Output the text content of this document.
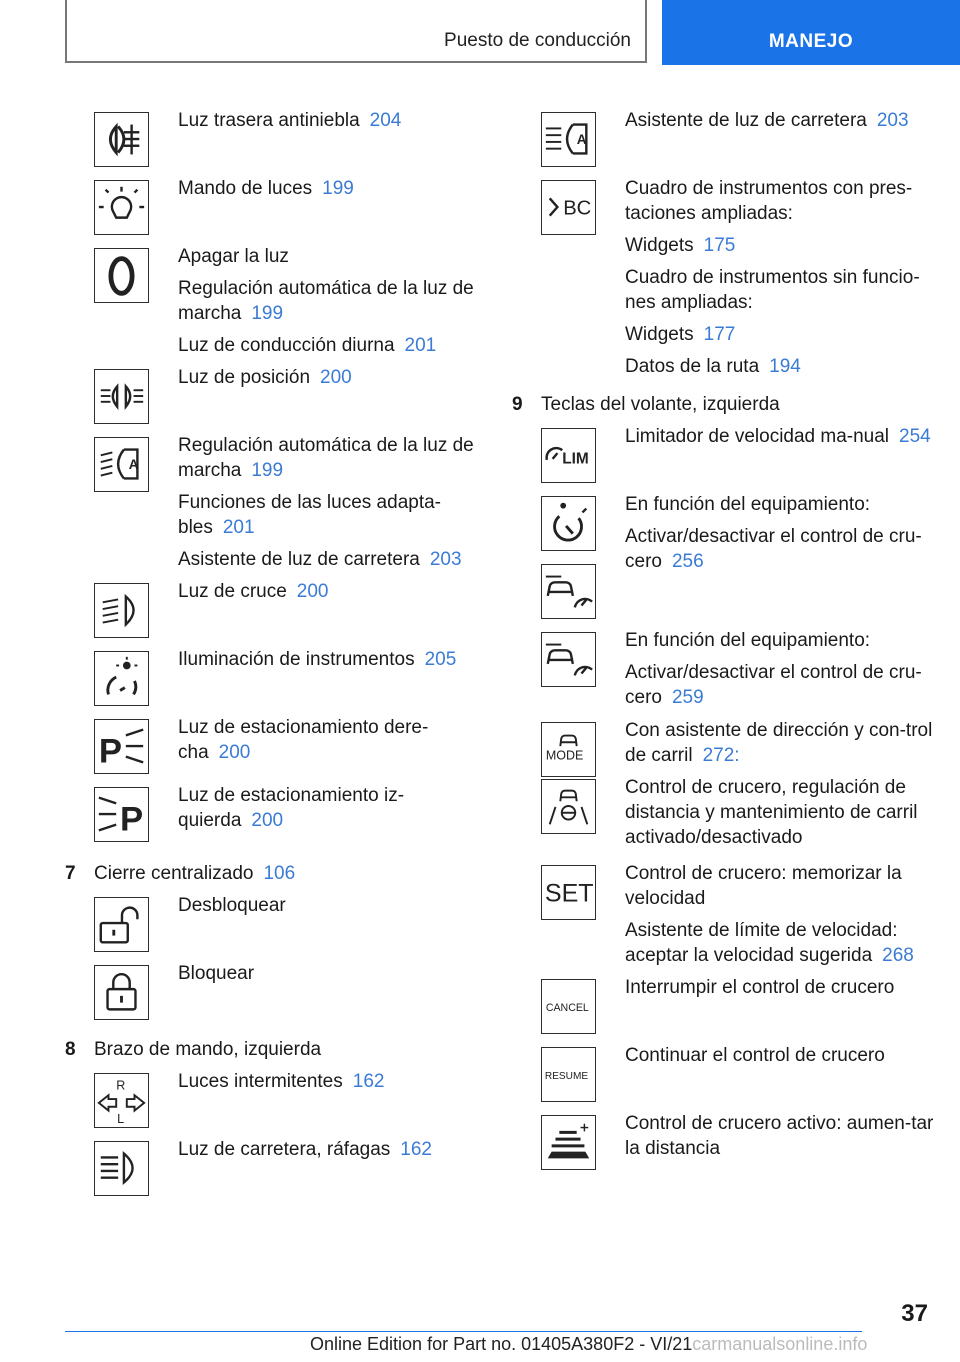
Puesto de conducción	MANEJO

Luz trasera antiniebla 204

Mando de luces 199

Apagar la luz

Regulación automática de la luz de marcha 199

Luz de conducción diurna 201

Luz de posición 200

A

Regulación automática de la luz de marcha 199

Funciones de las luces adapta-bles 201

Asistente de luz de carretera 203

Luz de cruce 200

Iluminación de instrumentos 205

P

Luz de estacionamiento dere-cha 200

P

Luz de estacionamiento iz-quierda 200

7 Cierre centralizado 106

Desbloquear

Bloquear

8 Brazo de mando, izquierda
R
L

Luces intermitentes 162

Luz de carretera, ráfagas 162

A

Asistente de luz de carretera 203

BC

Cuadro de instrumentos con pres-taciones ampliadas:

Widgets 175

Cuadro de instrumentos sin funcio-nes ampliadas:

Widgets 177

Datos de la ruta 194

9 Teclas del volante, izquierda
LIM

Limitador de velocidad ma-nual 254

En función del equipamiento:

Activar/desactivar el control de cru-cero 256

En función del equipamiento:

Activar/desactivar el control de cru-cero 259

MODE

Con asistente de dirección y con-trol de carril 272:

Control de crucero, regulación de distancia y mantenimiento de carril activado/desactivado

SET

Control de crucero: memorizar la velocidad

Asistente de límite de velocidad: aceptar la velocidad sugerida 268

CANCEL

Interrumpir el control de crucero

RESUME

Continuar el control de crucero

Control de crucero activo: aumen-tar la distancia

37
Online Edition for Part no. 01405A380F2 - VI/21carmanualsonline.info
